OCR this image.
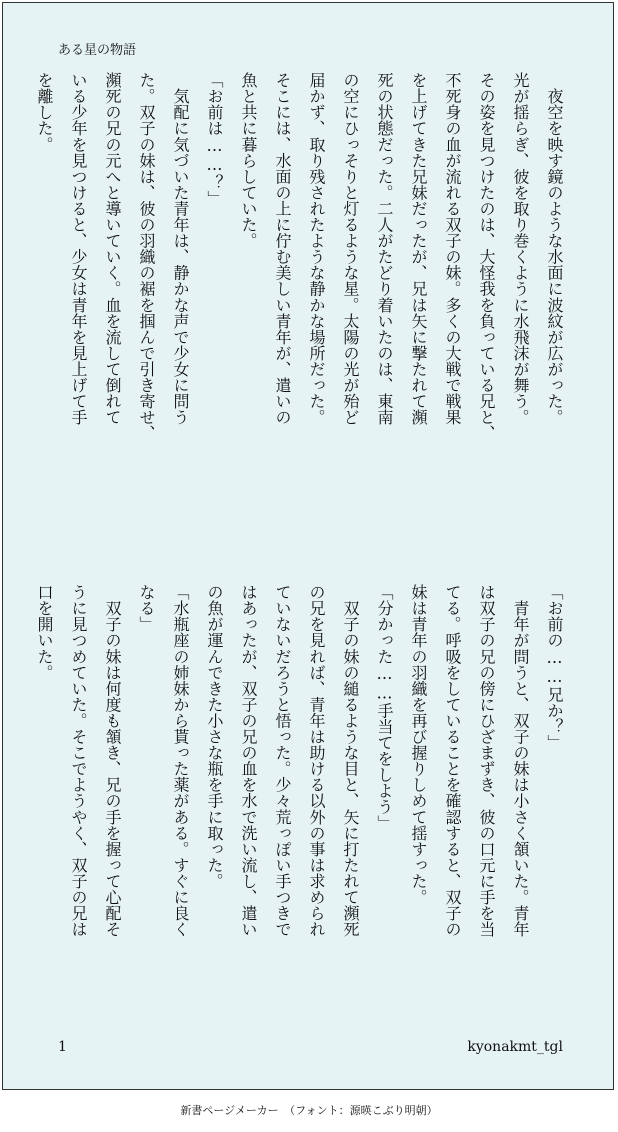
ある星の物語
　夜空を映す鏡のような水面に波紋が広がった。
光が揺らぎ、彼を取り巻くように水飛沫が舞う。
その姿を見つけたのは、大怪我を負っている兄と、
不死身の血が流れる双子の妹。多くの大戦で戦果
を上げてきた兄妹だったが、兄は矢に撃たれて瀕
死の状態だった。二人がたどり着いたのは、東南
の空にひっそりと灯るような星。太陽の光が殆ど
届かず、取り残されたような静かな場所だった。
そこには、水面の上に佇む美しい青年が、遣いの
魚と共に暮らしていた。
「お前は……？」
　気配に気づいた青年は、静かな声で少女に問う
た。双子の妹は、彼の羽織の裾を掴んで引き寄せ、
瀕死の兄の元へと導いていく。血を流して倒れて
いる少年を見つけると、少女は青年を見上げて手
を離した。
「お前の……兄か？」
　青年が問うと、双子の妹は小さく頷いた。青年
は双子の兄の傍にひざまずき、彼の口元に手を当
てる。呼吸をしていることを確認すると、双子の
妹は青年の羽織を再び握りしめて揺すった。
「分かった……手当てをしよう」
　双子の妹の縋るような目と、矢に打たれて瀕死
の兄を見れば、青年は助ける以外の事は求められ
ていないだろうと悟った。少々荒っぽい手つきで
はあったが、双子の兄の血を水で洗い流し、遣い
の魚が運んできた小さな瓶を手に取った。
「水瓶座の姉妹から貰った薬がある。すぐに良く
なる」
　双子の妹は何度も頷き、兄の手を握って心配そ
うに見つめていた。そこでようやく、双子の兄は
口を開いた。
1	kyonakmt_tgl
新書ページメーカー　（フォント：源暎こぶり明朝）
